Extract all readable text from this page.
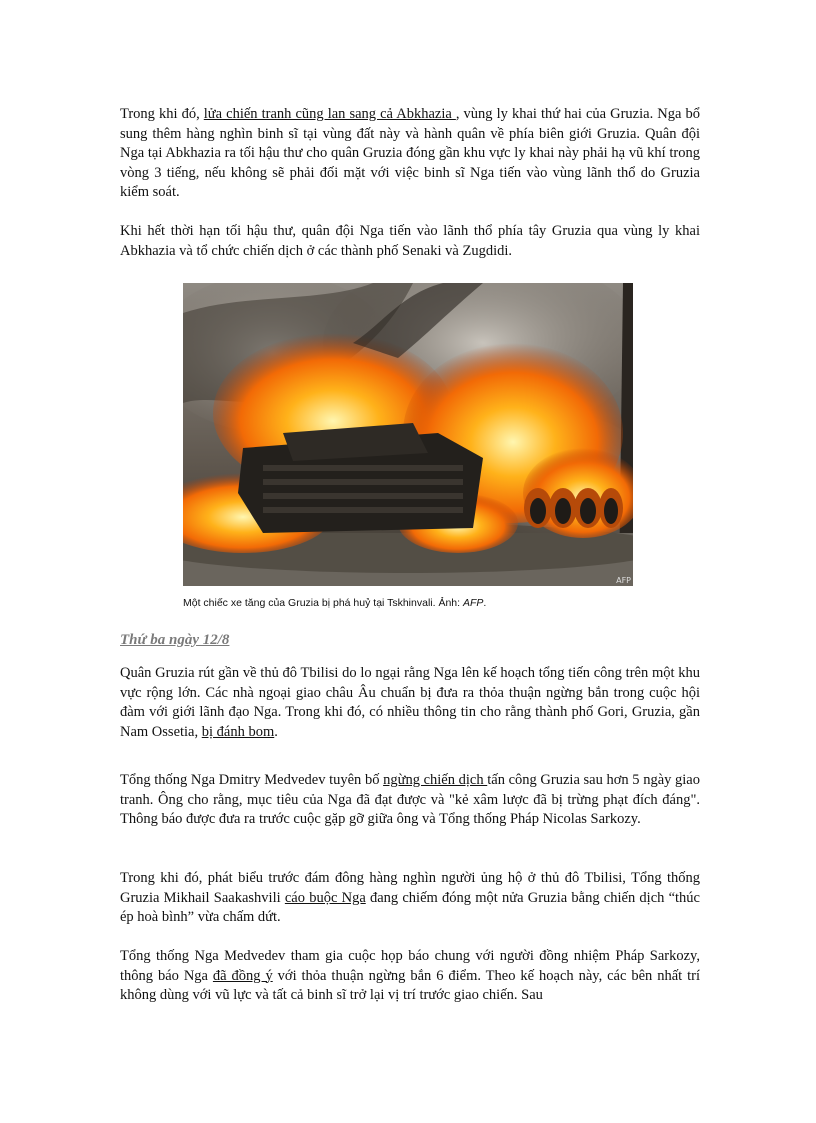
Trong khi đó, lửa chiến tranh cũng lan sang cả Abkhazia , vùng ly khai thứ hai của Gruzia. Nga bổ sung thêm hàng nghìn binh sĩ tại vùng đất này và hành quân về phía biên giới Gruzia. Quân đội Nga tại Abkhazia ra tối hậu thư cho quân Gruzia đóng gần khu vực ly khai này phải hạ vũ khí trong vòng 3 tiếng, nếu không sẽ phải đối mặt với việc binh sĩ Nga tiến vào vùng lãnh thổ do Gruzia kiểm soát.

Khi hết thời hạn tối hậu thư, quân đội Nga tiến vào lãnh thổ phía tây Gruzia qua vùng ly khai Abkhazia và tổ chức chiến dịch ở các thành phố Senaki và Zugdidi.

AFP
Một chiếc xe tăng của Gruzia bị phá huỷ tại Tskhinvali. Ảnh: AFP.

Thứ ba ngày 12/8

Quân Gruzia rút gần về thủ đô Tbilisi do lo ngại rằng Nga lên kế hoạch tổng tiến công trên một khu vực rộng lớn. Các nhà ngoại giao châu Âu chuẩn bị đưa ra thỏa thuận ngừng bắn trong cuộc hội đàm với giới lãnh đạo Nga. Trong khi đó, có nhiều thông tin cho rằng thành phố Gori, Gruzia, gần Nam Ossetia, bị đánh bom.

Tổng thống Nga Dmitry Medvedev tuyên bố ngừng chiến dịch tấn công Gruzia sau hơn 5 ngày giao tranh. Ông cho rằng, mục tiêu của Nga đã đạt được và "kẻ xâm lược đã bị trừng phạt đích đáng". Thông báo được đưa ra trước cuộc gặp gỡ giữa ông và Tổng thống Pháp Nicolas Sarkozy.

Trong khi đó, phát biểu trước đám đông hàng nghìn người ủng hộ ở thủ đô Tbilisi, Tổng thống Gruzia Mikhail Saakashvili cáo buộc Nga đang chiếm đóng một nửa Gruzia bằng chiến dịch “thúc ép hoà bình” vừa chấm dứt.

Tổng thống Nga Medvedev tham gia cuộc họp báo chung với người đồng nhiệm Pháp Sarkozy, thông báo Nga đã đồng ý với thỏa thuận ngừng bắn 6 điểm. Theo kế hoạch này, các bên nhất trí không dùng với vũ lực và tất cả binh sĩ trở lại vị trí trước giao chiến. Sau
